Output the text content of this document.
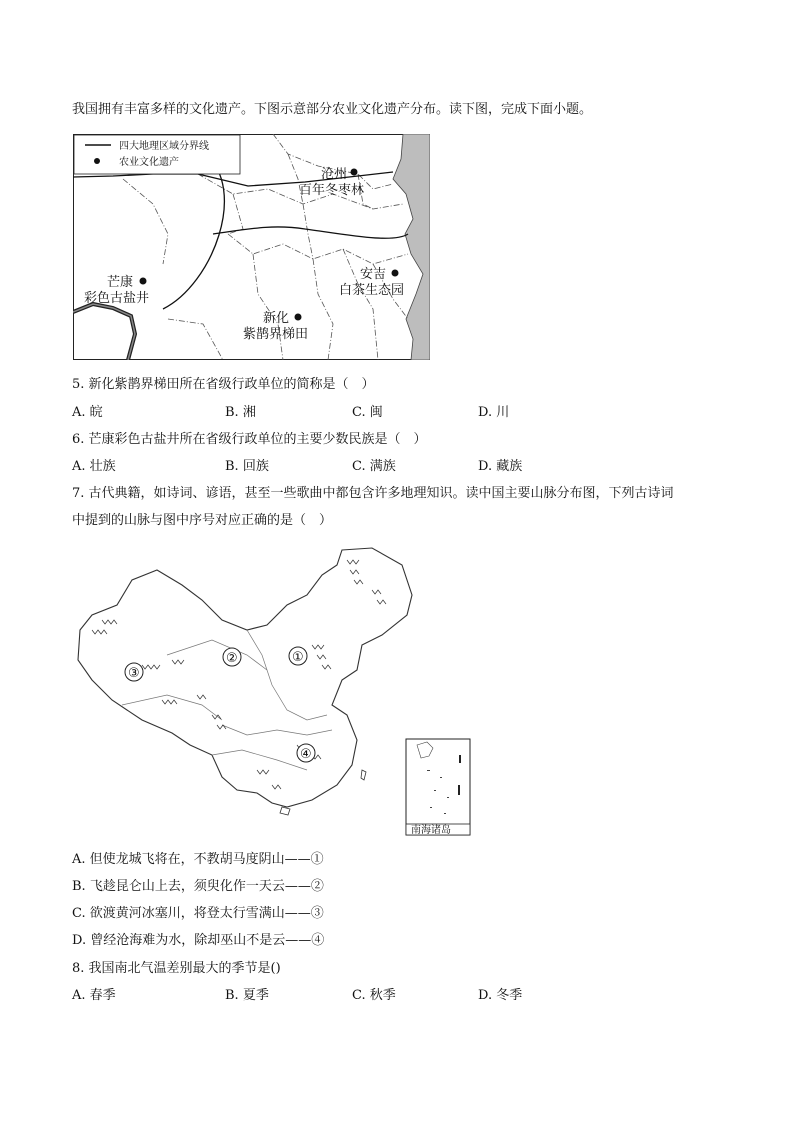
我国拥有丰富多样的文化遗产。下图示意部分农业文化遗产分布。读下图，完成下面小题。
四大地理区域分界线
农业文化遗产
沧州
百年冬枣林
芒康
彩色古盐井
安吉
白茶生态园
新化
紫鹊界梯田
5. 新化紫鹊界梯田所在省级行政单位的简称是（　）
A. 皖	B. 湘	C. 闽	D. 川
6. 芒康彩色古盐井所在省级行政单位的主要少数民族是（　）
A. 壮族	B. 回族	C. 满族	D. 藏族
7. 古代典籍，如诗词、谚语，甚至一些歌曲中都包含许多地理知识。读中国主要山脉分布图，下列古诗词
中提到的山脉与图中序号对应正确的是（　）
①
②
③
④
南海诸岛
A. 但使龙城飞将在，不教胡马度阴山——①
B. 飞趁昆仑山上去，须臾化作一天云——②
C. 欲渡黄河冰塞川，将登太行雪满山——③
D. 曾经沧海难为水，除却巫山不是云——④
8. 我国南北气温差别最大的季节是()
A. 春季	B. 夏季	C. 秋季	D. 冬季
